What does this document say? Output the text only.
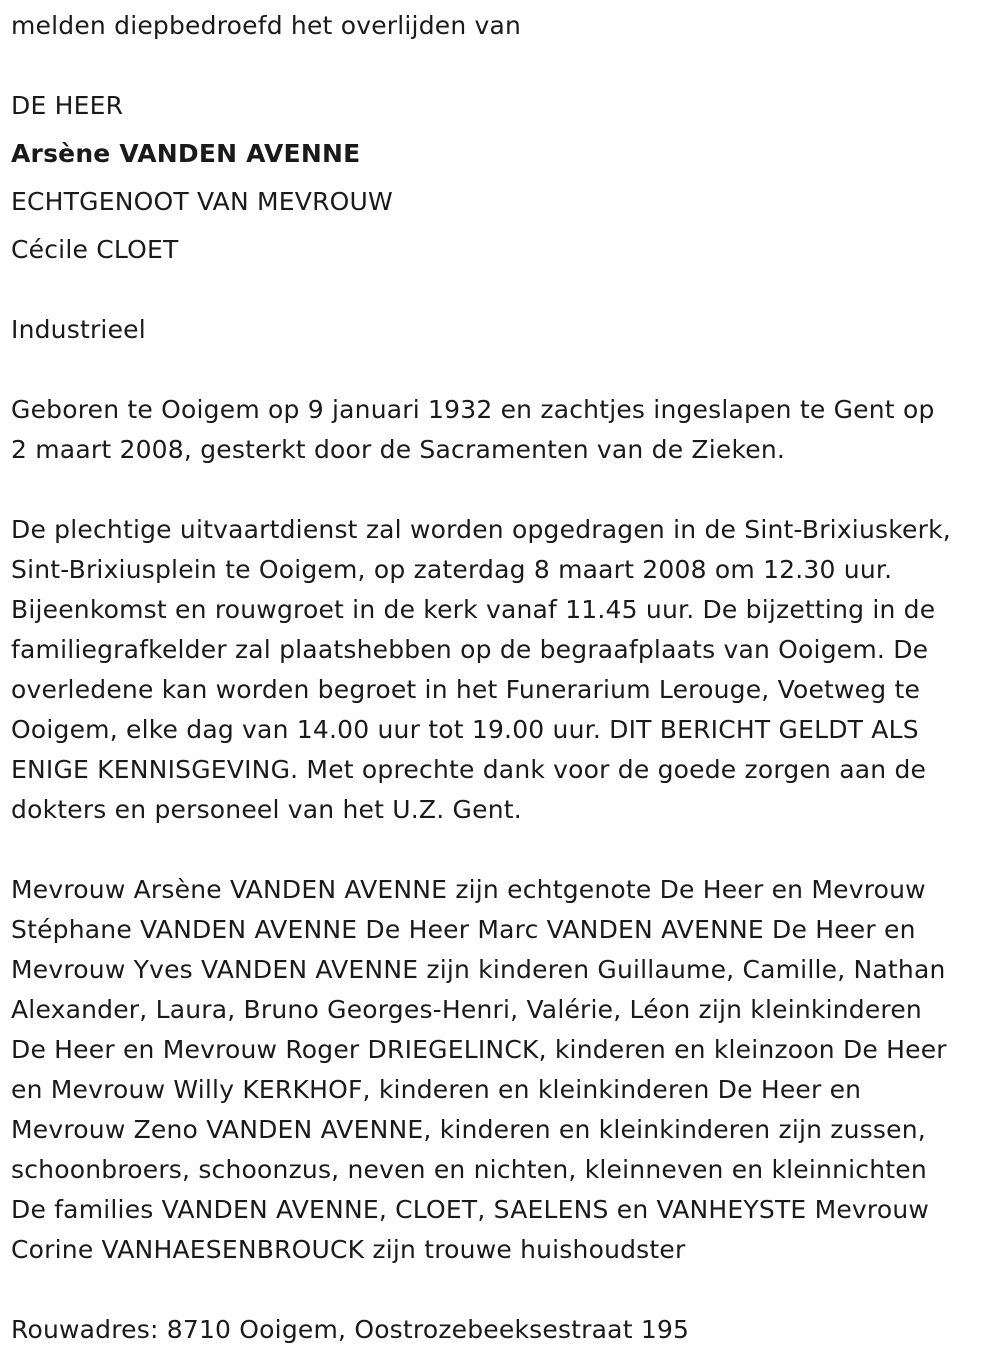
melden diepbedroefd het overlijden van
DE HEER
Arsène VANDEN AVENNE
ECHTGENOOT VAN MEVROUW
Cécile CLOET
Industrieel
Geboren te Ooigem op 9 januari 1932 en zachtjes ingeslapen te Gent op
2 maart 2008, gesterkt door de Sacramenten van de Zieken.
De plechtige uitvaartdienst zal worden opgedragen in de Sint-Brixiuskerk,
Sint-Brixiusplein te Ooigem, op zaterdag 8 maart 2008 om 12.30 uur.
Bijeenkomst en rouwgroet in de kerk vanaf 11.45 uur. De bijzetting in de
familiegrafkelder zal plaatshebben op de begraafplaats van Ooigem. De
overledene kan worden begroet in het Funerarium Lerouge, Voetweg te
Ooigem, elke dag van 14.00 uur tot 19.00 uur. DIT BERICHT GELDT ALS
ENIGE KENNISGEVING. Met oprechte dank voor de goede zorgen aan de
dokters en personeel van het U.Z. Gent.
Mevrouw Arsène VANDEN AVENNE zijn echtgenote De Heer en Mevrouw
Stéphane VANDEN AVENNE De Heer Marc VANDEN AVENNE De Heer en
Mevrouw Yves VANDEN AVENNE zijn kinderen Guillaume, Camille, Nathan
Alexander, Laura, Bruno Georges-Henri, Valérie, Léon zijn kleinkinderen
De Heer en Mevrouw Roger DRIEGELINCK, kinderen en kleinzoon De Heer
en Mevrouw Willy KERKHOF, kinderen en kleinkinderen De Heer en
Mevrouw Zeno VANDEN AVENNE, kinderen en kleinkinderen zijn zussen,
schoonbroers, schoonzus, neven en nichten, kleinneven en kleinnichten
De families VANDEN AVENNE, CLOET, SAELENS en VANHEYSTE Mevrouw
Corine VANHAESENBROUCK zijn trouwe huishoudster
Rouwadres: 8710 Ooigem, Oostrozebeeksestraat 195
